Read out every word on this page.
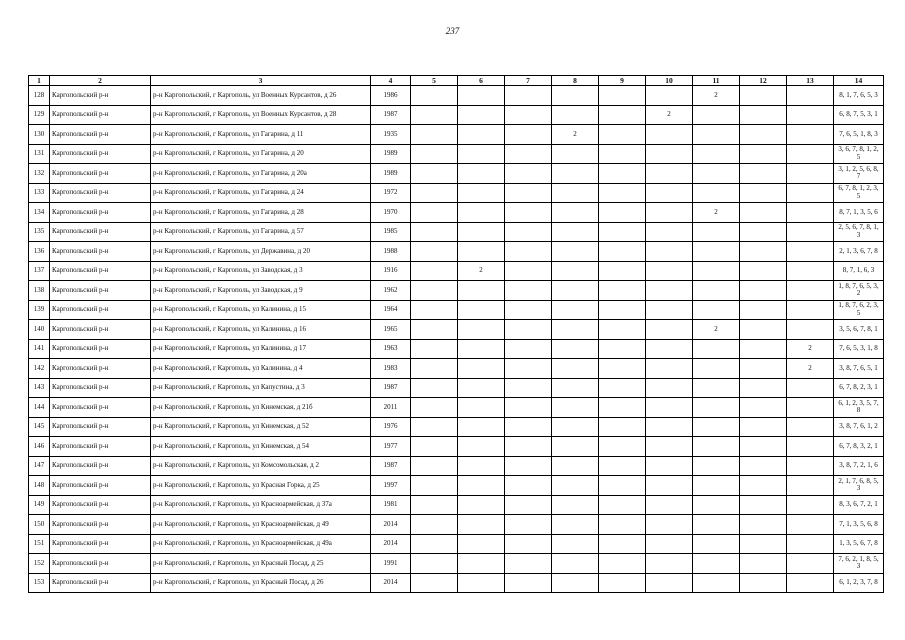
237
1	2	3	4	5	6	7	8	9	10	11	12	13	14
128	Каргопольский р-н	р-н Каргопольский, г Каргополь, ул Военных Курсантов, д 26	1986							2			8, 1, 7, 6, 5, 3
129	Каргопольский р-н	р-н Каргопольский, г Каргополь, ул Военных Курсантов, д 28	1987						2				6, 8, 7, 5, 3, 1
130	Каргопольский р-н	р-н Каргопольский, г Каргополь, ул Гагарина, д 11	1935				2						7, 6, 5, 1, 8, 3
131	Каргопольский р-н	р-н Каргопольский, г Каргополь, ул Гагарина, д 20	1989										3, 6, 7, 8, 1, 2, 5
132	Каргопольский р-н	р-н Каргопольский, г Каргополь, ул Гагарина, д 20а	1989										3, 1, 2, 5, 6, 8, 7
133	Каргопольский р-н	р-н Каргопольский, г Каргополь, ул Гагарина, д 24	1972										6, 7, 8, 1, 2, 3, 5
134	Каргопольский р-н	р-н Каргопольский, г Каргополь, ул Гагарина, д 28	1970							2			8, 7, 1, 3, 5, 6
135	Каргопольский р-н	р-н Каргопольский, г Каргополь, ул Гагарина, д 57	1985										2, 5, 6, 7, 8, 1, 3
136	Каргопольский р-н	р-н Каргопольский, г Каргополь, ул Державина, д 20	1988										2, 1, 3, 6, 7, 8
137	Каргопольский р-н	р-н Каргопольский, г Каргополь, ул Заводская, д 3	1916		2								8, 7, 1, 6, 3
138	Каргопольский р-н	р-н Каргопольский, г Каргополь, ул Заводская, д 9	1962										1, 8, 7, 6, 5, 3, 2
139	Каргопольский р-н	р-н Каргопольский, г Каргополь, ул Калинина, д 15	1964										1, 8, 7, 6, 2, 3, 5
140	Каргопольский р-н	р-н Каргопольский, г Каргополь, ул Калинина, д 16	1965							2			3, 5, 6, 7, 8, 1
141	Каргопольский р-н	р-н Каргопольский, г Каргополь, ул Калинина, д 17	1963									2	7, 6, 5, 3, 1, 8
142	Каргопольский р-н	р-н Каргопольский, г Каргополь, ул Калинина, д 4	1983									2	3, 8, 7, 6, 5, 1
143	Каргопольский р-н	р-н Каргопольский, г Каргополь, ул Капустина, д 3	1987										6, 7, 8, 2, 3, 1
144	Каргопольский р-н	р-н Каргопольский, г Каргополь, ул Кинемская, д 21б	2011										6, 1, 2, 3, 5, 7, 8
145	Каргопольский р-н	р-н Каргопольский, г Каргополь, ул Кинемская, д 52	1976										3, 8, 7, 6, 1, 2
146	Каргопольский р-н	р-н Каргопольский, г Каргополь, ул Кинемская, д 54	1977										6, 7, 8, 3, 2, 1
147	Каргопольский р-н	р-н Каргопольский, г Каргополь, ул Комсомольская, д 2	1987										3, 8, 7, 2, 1, 6
148	Каргопольский р-н	р-н Каргопольский, г Каргополь, ул Красная Горка, д 25	1997										2, 1, 7, 6, 8, 5, 3
149	Каргопольский р-н	р-н Каргопольский, г Каргополь, ул Красноармейская, д 37а	1981										8, 3, 6, 7, 2, 1
150	Каргопольский р-н	р-н Каргопольский, г Каргополь, ул Красноармейская, д 49	2014										7, 1, 3, 5, 6, 8
151	Каргопольский р-н	р-н Каргопольский, г Каргополь, ул Красноармейская, д 49а	2014										1, 3, 5, 6, 7, 8
152	Каргопольский р-н	р-н Каргопольский, г Каргополь, ул Красный Посад, д 25	1991										7, 6, 2, 1, 8, 5, 3
153	Каргопольский р-н	р-н Каргопольский, г Каргополь, ул Красный Посад, д 26	2014										6, 1, 2, 3, 7, 8
